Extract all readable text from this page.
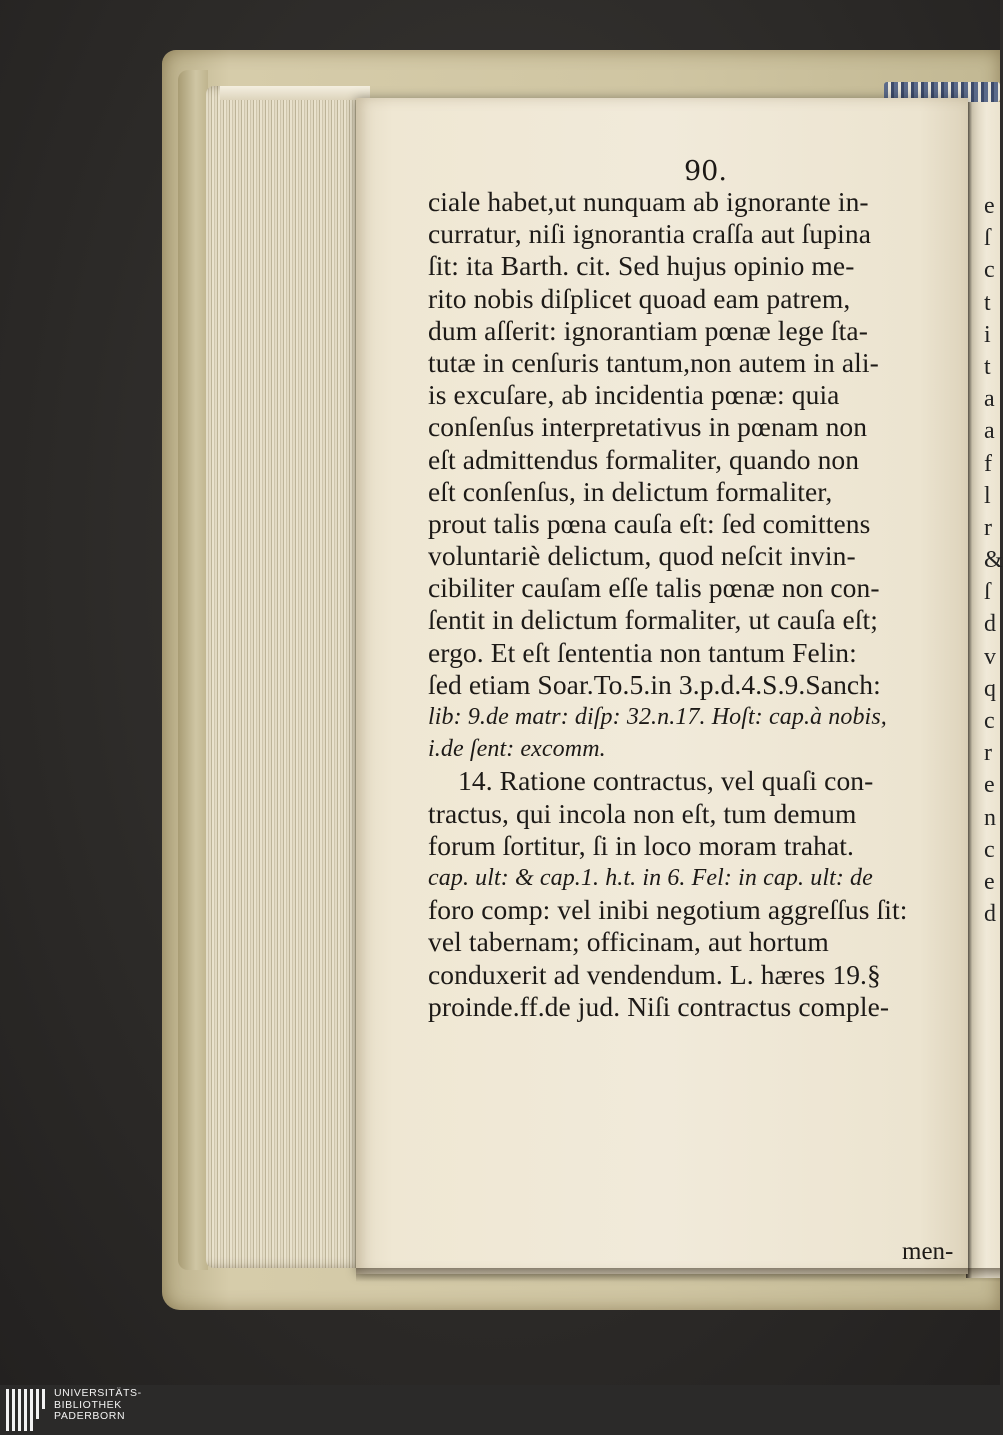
90.
ciale habet,ut nunquam ab ignorante in-
curratur, niſi ignorantia craſſa aut ſupina
ſit: ita Barth. cit. Sed hujus opinio me-
rito nobis diſplicet quoad eam patrem,
dum aſſerit: ignorantiam pœnæ lege ſta-
tutæ in cenſuris tantum,non autem in ali-
is excuſare, ab incidentia pœnæ: quia
conſenſus interpretativus in pœnam non
eſt admittendus formaliter, quando non
eſt conſenſus, in delictum formaliter,
prout talis pœna cauſa eſt: ſed comittens
voluntariè delictum, quod neſcit invin-
cibiliter cauſam eſſe talis pœnæ non con-
ſentit in delictum formaliter, ut cauſa eſt;
ergo. Et eſt ſententia non tantum Felin:
ſed etiam Soar.To.5.in 3.p.d.4.S.9.Sanch:
lib: 9.de matr: diſp: 32.n.17. Hoſt: cap.à nobis,
i.de ſent: excomm.
14. Ratione contractus, vel quaſi con-
tractus, qui incola non eſt, tum demum
forum ſortitur, ſi in loco moram trahat.
cap. ult: & cap.1. h.t. in 6. Fel: in cap. ult: de
foro comp: vel inibi negotium aggreſſus ſit:
vel tabernam; officinam, aut hortum
conduxerit ad vendendum. L. hæres 19.§
proinde.ff.de jud. Niſi contractus comple-
men-
e
ſ
c
t
i
t
a
a
f
l
r
&
ſ
d
v
q
c
r
e
n
c
e
d
UNIVERSITÄTS-
BIBLIOTHEK
PADERBORN
